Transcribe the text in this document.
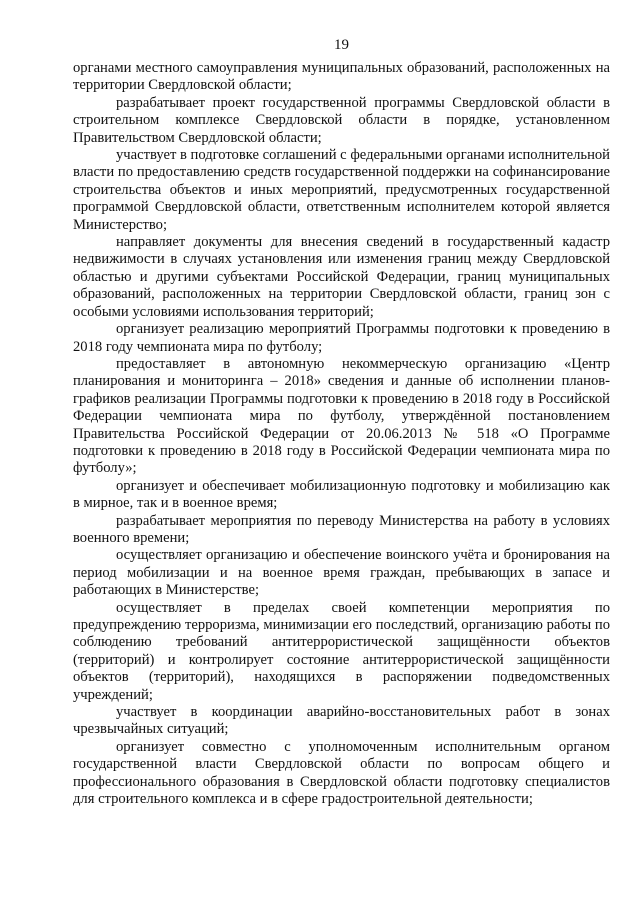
19

органами местного самоуправления муниципальных образований, расположенных на территории Свердловской области;

разрабатывает проект государственной программы Свердловской области в строительном комплексе Свердловской области в порядке, установленном Правительством Свердловской области;

участвует в подготовке соглашений с федеральными органами исполнительной власти по предоставлению средств государственной поддержки на софинансирование строительства объектов и иных мероприятий, предусмотренных государственной программой Свердловской области, ответственным исполнителем которой является Министерство;

направляет документы для внесения сведений в государственный кадастр недвижимости в случаях установления или изменения границ между Свердловской областью и другими субъектами Российской Федерации, границ муниципальных образований, расположенных на территории Свердловской области, границ зон с особыми условиями использования территорий;

организует реализацию мероприятий Программы подготовки к проведению в 2018 году чемпионата мира по футболу;

предоставляет в автономную некоммерческую организацию «Центр планирования и мониторинга – 2018» сведения и данные об исполнении планов-графиков реализации Программы подготовки к проведению в 2018 году в Российской Федерации чемпионата мира по футболу, утверждённой постановлением Правительства Российской Федерации от 20.06.2013 № 518 «О Программе подготовки к проведению в 2018 году в Российской Федерации чемпионата мира по футболу»;

организует и обеспечивает мобилизационную подготовку и мобилизацию как в мирное, так и в военное время;

разрабатывает мероприятия по переводу Министерства на работу в условиях военного времени;

осуществляет организацию и обеспечение воинского учёта и бронирования на период мобилизации и на военное время граждан, пребывающих в запасе и работающих в Министерстве;

осуществляет в пределах своей компетенции мероприятия по предупреждению терроризма, минимизации его последствий, организацию работы по соблюдению требований антитеррористической защищённости объектов (территорий) и контролирует состояние антитеррористической защищённости объектов (территорий), находящихся в распоряжении подведомственных учреждений;

участвует в координации аварийно-восстановительных работ в зонах чрезвычайных ситуаций;

организует совместно с уполномоченным исполнительным органом государственной власти Свердловской области по вопросам общего и профессионального образования в Свердловской области подготовку специалистов для строительного комплекса и в сфере градостроительной деятельности;
